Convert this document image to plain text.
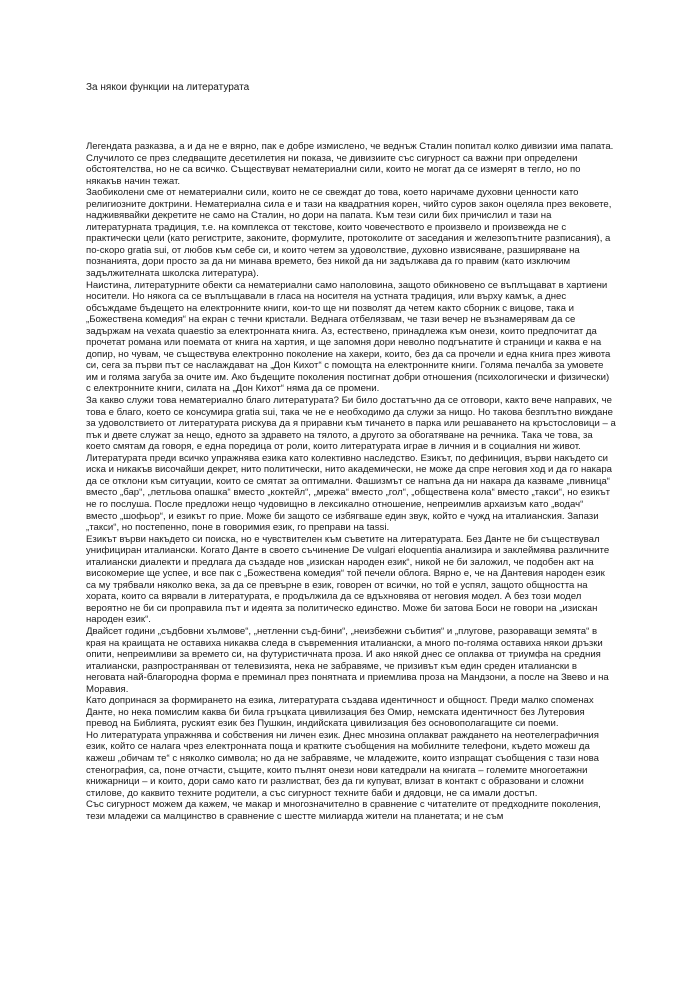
За някои функции на литературата

Легендата разказва, а и да не е вярно, пак е добре измислено, че веднъж Сталин попитал колко дивизии има папата. Случилото се през следващите десетилетия ни показа, че дивизиите със сигурност са важни при определени обстоятелства, но не са всичко. Съществуват нематериални сили, които не могат да се измерят в тегло, но по някакъв начин тежат.

Заобиколени сме от нематериални сили, които не се свеждат до това, което наричаме духовни ценности като религиозните доктрини. Нематериална сила е и тази на квадратния корен, чийто суров закон оцеляла през вековете, надживявайки декретите не само на Сталин, но дори на папата. Към тези сили бих причислил и тази на литературната традиция, т.е. на комплекса от текстове, които човечеството е произвело и произвежда не с практически цели (като регистрите, законите, формулите, протоколите от заседания и железопътните разписания), а по-скоро gratia sui, от любов към себе си, и които четем за удоволствие, духовно извисяване, разширяване на познанията, дори просто за да ни минава времето, без никой да ни задължава да го правим (като изключим задължителната школска литература).

Наистина, литературните обекти са нематериални само наполовина, защото обикновено се въплъщават в хартиени носители. Но някога са се въплъщавали в гласа на носителя на устната традиция, или върху камък, а днес обсъждаме бъдещето на електронните книги, кои-то ще ни позволят да четем както сборник с вицове, така и „Божествена комедия“ на екран с течни кристали. Веднага отбелязвам, че тази вечер не възнамерявам да се задържам на vexata quaestio за електронната книга. Аз, естествено, принадлежа към онези, които предпочитат да прочетат романа или поемата от книга на хартия, и ще запомня дори неволно подгънатите ѝ страници и каква е на допир, но чувам, че съществува електронно поколение на хакери, които, без да са прочели и една книга през живота си, сега за първи път се наслаждават на „Дон Кихот“ с помощта на електронните книги. Голяма печалба за умовете им и голяма загуба за очите им. Ако бъдещите поколения постигнат добри отношения (психологически и физически) с електронните книги, силата на „Дон Кихот“ няма да се промени.

За какво служи това нематериално благо литературата? Би било достатъчно да се отговори, както вече направих, че това е благо, което се консумира gratia sui, така че не е необходимо да служи за нищо. Но такова безплътно виждане за удоволствието от литературата рискува да я приравни към тичането в парка или решаването на кръстословици – а пък и двете служат за нещо, едното за здравето на тялото, а другото за обогатяване на речника. Така че това, за което смятам да говоря, е една поредица от роли, които литературата играе в личния и в социалния ни живот.

Литературата преди всичко упражнява езика като колективно наследство. Езикът, по дефиниция, върви накъдето си иска и никакъв височайши декрет, нито политически, нито академически, не може да спре неговия ход и да го накара да се отклони към ситуации, които се смятат за оптимални. Фашизмът се напъна да ни накара да казваме „пивница“ вместо „бар“, „петльова опашка“ вместо „коктейл“, „мрежа“ вместо „гол“, „обществена кола“ вместо „такси“, но езикът не го послуша. После предложи нещо чудовищно в лексикално отношение, непреимлив архаизъм като „водач“ вместо „шофьор“, и езикът го прие. Може би защото се избягваше един звук, който е чужд на италианския. Запази „такси“, но постепенно, поне в говоримия език, го преправи на tassi.

Езикът върви накъдето си поиска, но е чувствителен към съветите на литературата. Без Данте не би съществувал унифициран италиански. Когато Данте в своето съчинение De vulgari eloquentia анализира и заклеймява различните италиански диалекти и предлага да създаде нов „изискан народен език“, никой не би заложил, че подобен акт на високомерие ще успее, и все пак с „Божествена комедия“ той печели облога. Вярно е, че на Дантевия народен език са му трябвали няколко века, за да се превърне в език, говорен от всички, но той е успял, защото общността на хората, които са вярвали в литературата, е продължила да се вдъхновява от неговия модел. А без този модел вероятно не би си проправила път и идеята за политическо единство. Може би затова Боси не говори на „изискан народен език“.

Двайсет години „съдбовни хълмове“, „нетленни съд-бини“, „неизбежни събития“ и „плугове, разораващи земята“ в края на краищата не оставиха никаква следа в съвременния италиански, а много по-голяма оставиха някои дръзки опити, непреимливи за времето си, на футуристичната проза. И ако някой днес се оплаква от триумфа на средния италиански, разпространяван от телевизията, нека не забравяме, че призивът към един среден италиански в неговата най-благородна форма е преминал през понятната и приемлива проза на Мандзони, а после на Звево и на Моравия.

Като допринася за формирането на езика, литературата създава идентичност и общност. Преди малко споменах Данте, но нека помислим каква би била гръцката цивилизация без Омир, немската идентичност без Лутеровия превод на Библията, руският език без Пушкин, индийската цивилизация без основополагащите си поеми.

Но литературата упражнява и собствения ни личен език. Днес мнозина оплакват раждането на неотелеграфичния език, който се налага чрез електронната поща и кратките съобщения на мобилните телефони, където можеш да кажеш „обичам те“ с няколко символа; но да не забравяме, че младежите, които изпращат съобщения с тази нова стенография, са, поне отчасти, същите, които пълнят онези нови катедрали на книгата – големите многоетажни книжарници – и които, дори само като ги разлистват, без да ги купуват, влизат в контакт с образовани и сложни стилове, до каквито техните родители, а със сигурност техните баби и дядовци, не са имали достъп.

Със сигурност можем да кажем, че макар и многозначително в сравнение с читателите от предходните поколения, тези младежи са малцинство в сравнение с шестте милиарда жители на планетата; и не съм
